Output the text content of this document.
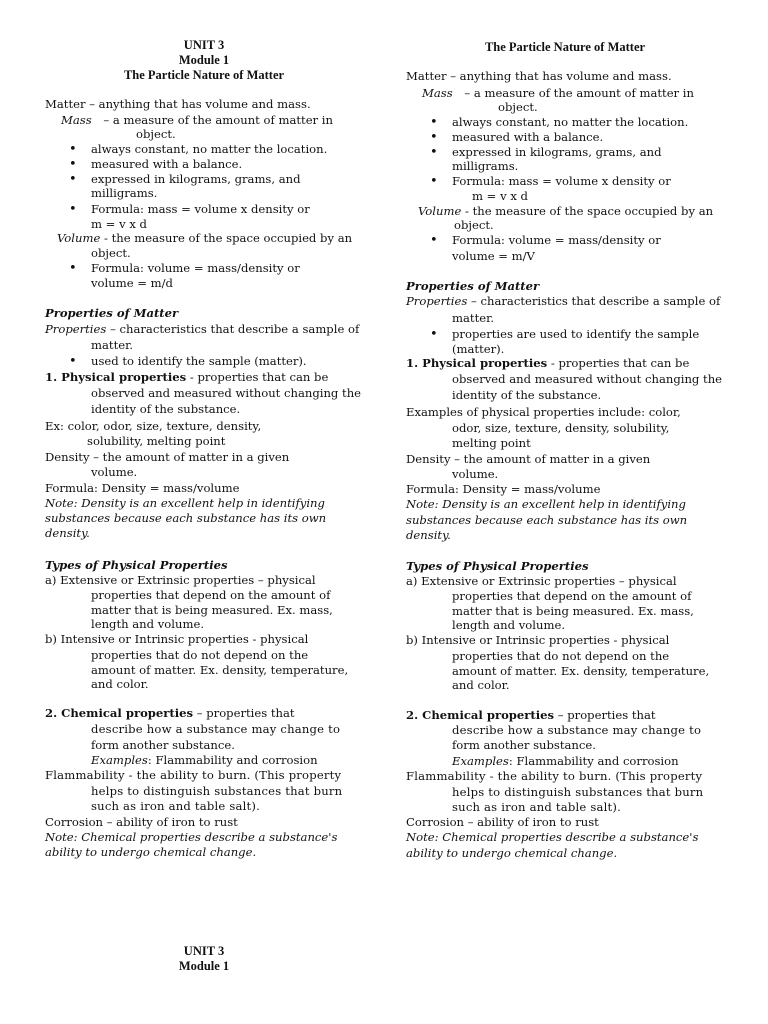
UNIT 3
Module 1
The Particle Nature of Matter
Matter – anything that has volume and mass.
Mass – a measure of the amount of matter in
object.
• always constant, no matter the location.
• measured with a balance.
• expressed in kilograms, grams, and
milligrams.
• Formula: mass = volume x density or
m = v x d
Volume - the measure of the space occupied by an
object.
• Formula: volume = mass/density or
volume = m/d
Properties of Matter
Properties – characteristics that describe a sample of
matter.
• used to identify the sample (matter).
1. Physical properties - properties that can be
observed and measured without changing the
identity of the substance.
Ex: color, odor, size, texture, density,
solubility, melting point
Density – the amount of matter in a given
volume.
Formula: Density = mass/volume
Note: Density is an excellent help in identifying
substances because each substance has its own
density.
Types of Physical Properties
a) Extensive or Extrinsic properties – physical
properties that depend on the amount of
matter that is being measured. Ex. mass,
length and volume.
b) Intensive or Intrinsic properties - physical
properties that do not depend on the
amount of matter. Ex. density, temperature,
and color.
2. Chemical properties – properties that
describe how a substance may change to
form another substance.
Examples: Flammability and corrosion
Flammability - the ability to burn. (This property
helps to distinguish substances that burn
such as iron and table salt).
Corrosion – ability of iron to rust
Note: Chemical properties describe a substance's
ability to undergo chemical change.
UNIT 3
Module 1
The Particle Nature of Matter
Matter – anything that has volume and mass.
Mass – a measure of the amount of matter in
object.
• always constant, no matter the location.
• measured with a balance.
• expressed in kilograms, grams, and
milligrams.
• Formula: mass = volume x density or
m = v x d
Volume - the measure of the space occupied by an
object.
• Formula: volume = mass/density or
volume = m/V
Properties of Matter
Properties – characteristics that describe a sample of
matter.
• properties are used to identify the sample
(matter).
1. Physical properties - properties that can be
observed and measured without changing the
identity of the substance.
Examples of physical properties include: color,
odor, size, texture, density, solubility,
melting point
Density – the amount of matter in a given
volume.
Formula: Density = mass/volume
Note: Density is an excellent help in identifying
substances because each substance has its own
density.
Types of Physical Properties
a) Extensive or Extrinsic properties – physical
properties that depend on the amount of
matter that is being measured. Ex. mass,
length and volume.
b) Intensive or Intrinsic properties - physical
properties that do not depend on the
amount of matter. Ex. density, temperature,
and color.
2. Chemical properties – properties that
describe how a substance may change to
form another substance.
Examples: Flammability and corrosion
Flammability - the ability to burn. (This property
helps to distinguish substances that burn
such as iron and table salt).
Corrosion – ability of iron to rust
Note: Chemical properties describe a substance's
ability to undergo chemical change.
